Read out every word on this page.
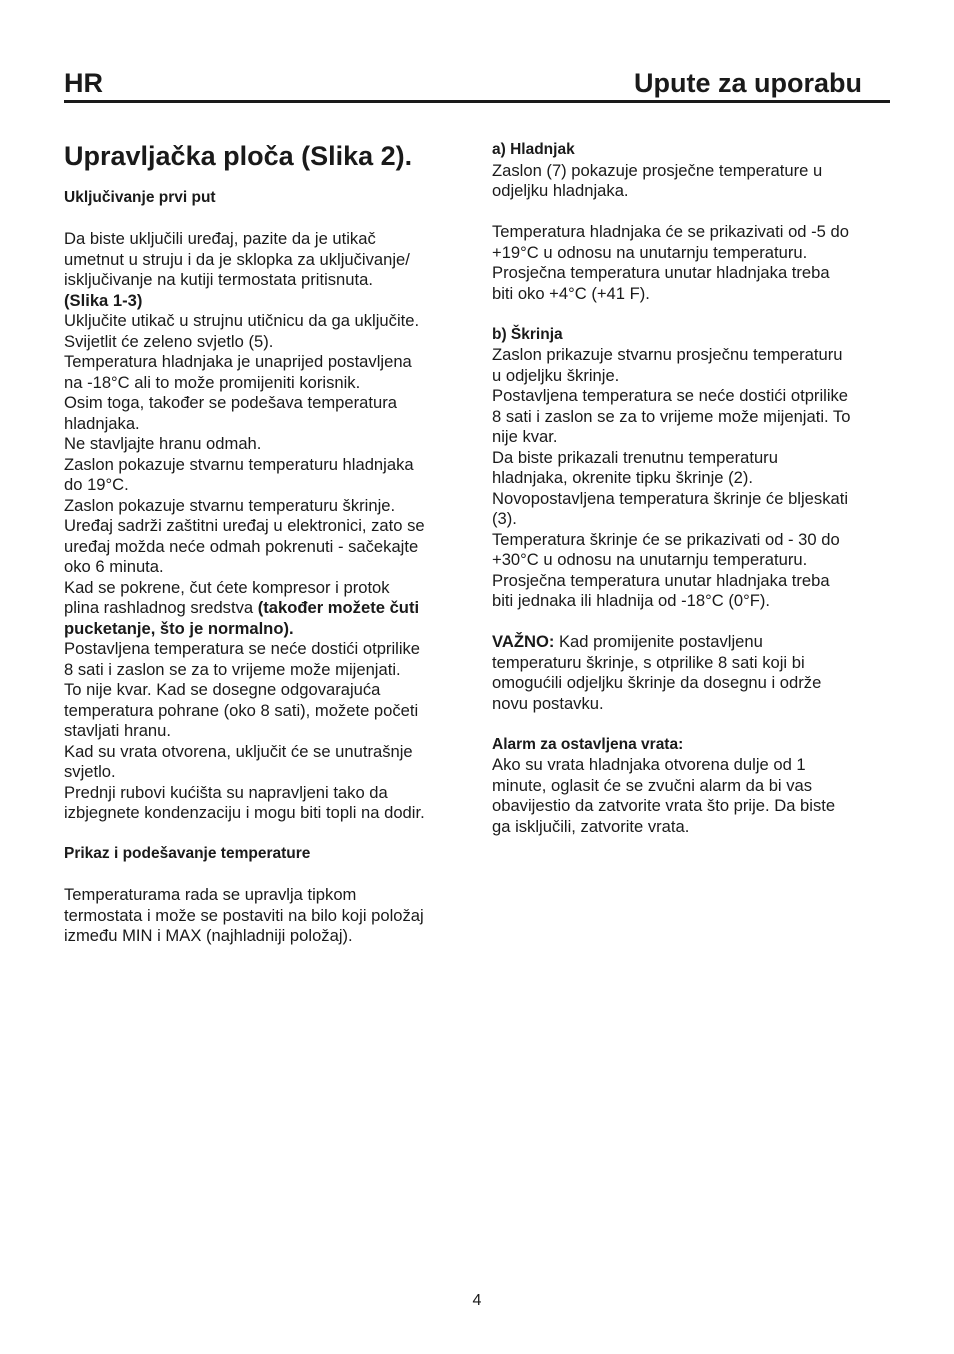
HR	Upute za uporabu
Upravljačka ploča (Slika 2).
Uključivanje prvi put
Da biste uključili uređaj, pazite da je utikač
umetnut u struju i da je sklopka za uključivanje/
isključivanje na kutiji termostata pritisnuta.
(Slika 1-3)
Uključite utikač u strujnu utičnicu da ga uključite.
Svijetlit će zeleno svjetlo (5).
Temperatura hladnjaka je unaprijed postavljena
na -18°C ali to može promijeniti korisnik.
Osim toga, također se podešava temperatura
hladnjaka.
Ne stavljajte hranu odmah.
Zaslon pokazuje stvarnu temperaturu hladnjaka
do 19°C.
Zaslon pokazuje stvarnu temperaturu škrinje.
Uređaj sadrži zaštitni uređaj u elektronici, zato se
uređaj možda neće odmah pokrenuti - sačekajte
oko 6 minuta.
Kad se pokrene, čut ćete kompresor i protok
plina rashladnog sredstva (također možete čuti
pucketanje, što je normalno).
Postavljena temperatura se neće dostići otprilike
8 sati i zaslon se za to vrijeme može mijenjati.
To nije kvar. Kad se dosegne odgovarajuća
temperatura pohrane (oko 8 sati), možete početi
stavljati hranu.
Kad su vrata otvorena, uključit će se unutrašnje
svjetlo.
Prednji rubovi kućišta su napravljeni tako da
izbjegnete kondenzaciju i mogu biti topli na dodir.
Prikaz i podešavanje temperature
Temperaturama rada se upravlja tipkom
termostata i može se postaviti na bilo koji položaj
između MIN i MAX (najhladniji položaj).
a) Hladnjak
Zaslon (7) pokazuje prosječne temperature u
odjeljku hladnjaka.
Temperatura hladnjaka će se prikazivati od -5 do
+19°C u odnosu na unutarnju temperaturu.
Prosječna temperatura unutar hladnjaka treba
biti oko +4°C (+41 F).
b) Škrinja
Zaslon prikazuje stvarnu prosječnu temperaturu
u odjeljku škrinje.
Postavljena temperatura se neće dostići otprilike
8 sati i zaslon se za to vrijeme može mijenjati. To
nije kvar.
Da biste prikazali trenutnu temperaturu
hladnjaka, okrenite tipku škrinje (2).
Novopostavljena temperatura škrinje će bljeskati
(3).
Temperatura škrinje će se prikazivati od - 30 do
+30°C u odnosu na unutarnju temperaturu.
Prosječna temperatura unutar hladnjaka treba
biti jednaka ili hladnija od -18°C (0°F).
VAŽNO: Kad promijenite postavljenu
temperaturu škrinje, s otprilike 8 sati koji bi
omogućili odjeljku škrinje da dosegnu i održe
novu postavku.
Alarm za ostavljena vrata:
Ako su vrata hladnjaka otvorena dulje od 1
minute, oglasit će se zvučni alarm da bi vas
obavijestio da zatvorite vrata što prije. Da biste
ga isključili, zatvorite vrata.
4
